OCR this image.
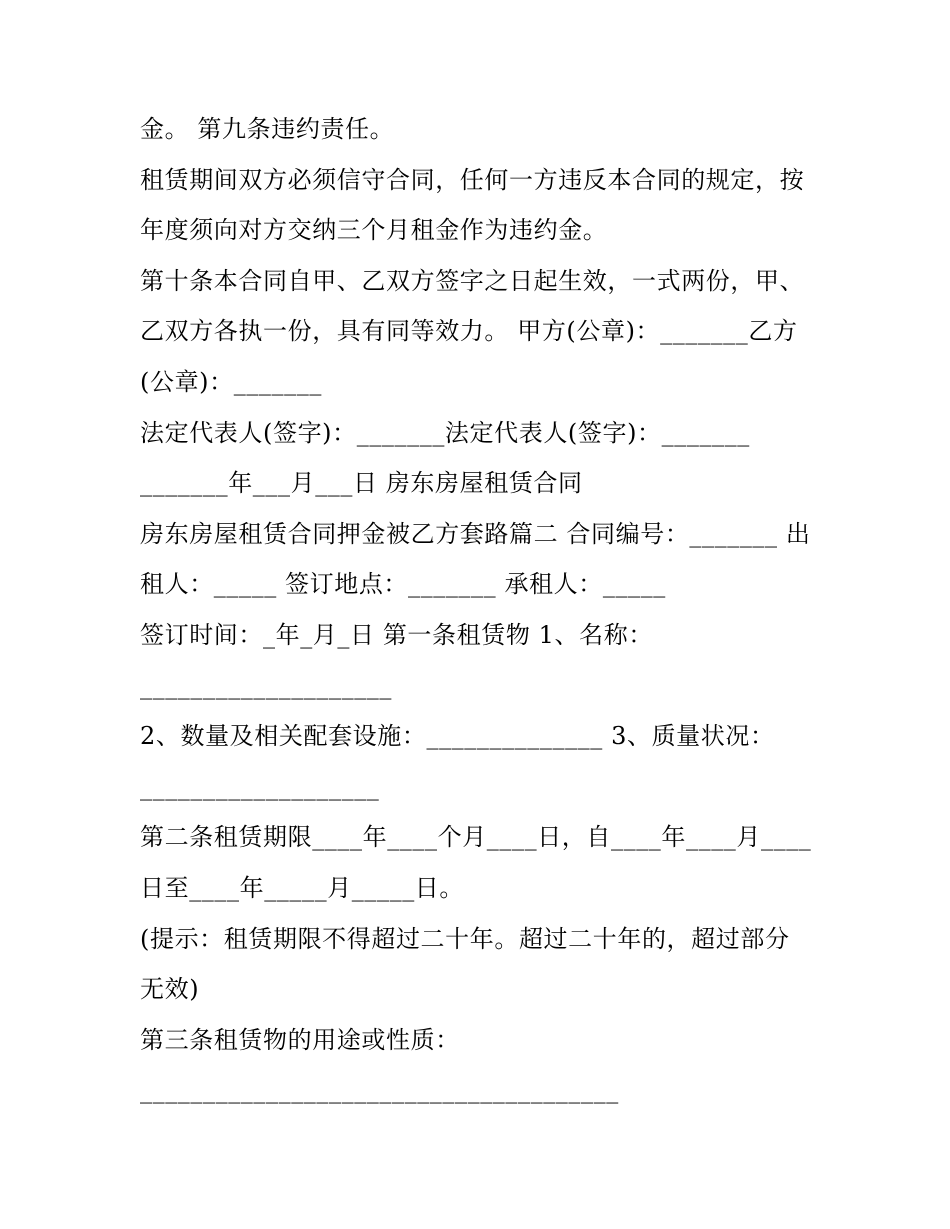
金。 第九条违约责任。
租赁期间双方必须信守合同，任何一方违反本合同的规定，按
年度须向对方交纳三个月租金作为违约金。
第十条本合同自甲、乙双方签字之日起生效，一式两份，甲、
乙双方各执一份，具有同等效力。 甲方(公章)：_______乙方
(公章)：_______
法定代表人(签字)：_______法定代表人(签字)：_______
_______年___月___日 房东房屋租赁合同
房东房屋租赁合同押金被乙方套路篇二 合同编号：_______ 出
租人：_____ 签订地点：_______ 承租人：_____
签订时间：_年_月_日 第一条租赁物 1、名称：
____________________
2、数量及相关配套设施：______________ 3、质量状况：
___________________
第二条租赁期限____年____个月____日，自____年____月____
日至____年_____月_____日。
(提示：租赁期限不得超过二十年。超过二十年的，超过部分
无效)
第三条租赁物的用途或性质：
______________________________________
